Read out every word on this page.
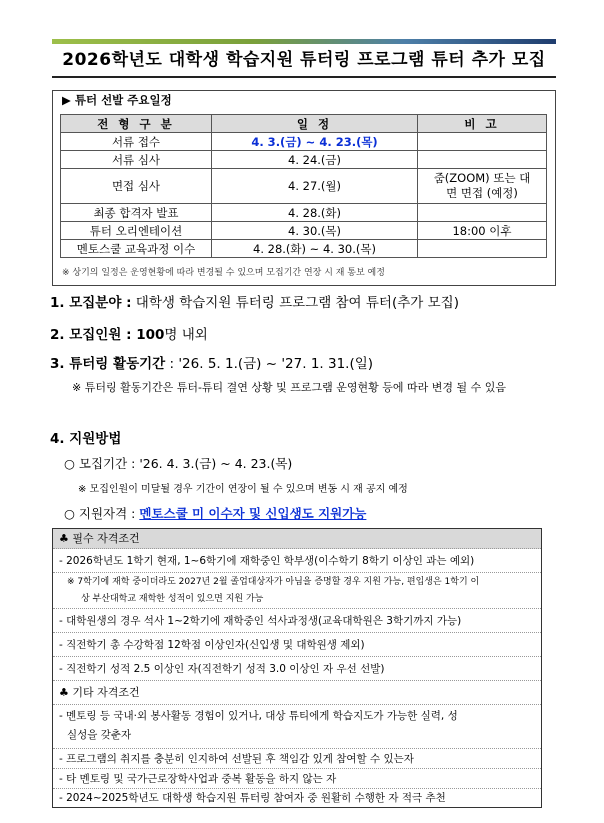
2026학년도 대학생 학습지원 튜터링 프로그램 튜터 추가 모집
▶ 튜터 선발 주요일정
전 형 구 분	일 정	비 고
서류 접수	4. 3.(금) ~ 4. 23.(목)	
서류 심사	4. 24.(금)	
면접 심사	4. 27.(월)	줌(ZOOM) 또는 대면 면접 (예정)
최종 합격자 발표	4. 28.(화)	
튜터 오리엔테이션	4. 30.(목)	18:00 이후
멘토스쿨 교육과정 이수	4. 28.(화) ~ 4. 30.(목)	
※ 상기의 일정은 운영현황에 따라 변경될 수 있으며 모집기간 연장 시 재 통보 예정
1. 모집분야 : 대학생 학습지원 튜터링 프로그램 참여 튜터(추가 모집)
2. 모집인원 : 100명 내외
3. 튜터링 활동기간 : '26. 5. 1.(금) ~ '27. 1. 31.(일)
※ 튜터링 활동기간은 튜터-튜티 결연 상황 및 프로그램 운영현황 등에 따라 변경 될 수 있음
4. 지원방법
○ 모집기간 : '26. 4. 3.(금) ~ 4. 23.(목)
※ 모집인원이 미달될 경우 기간이 연장이 될 수 있으며 변동 시 재 공지 예정
○ 지원자격 : 멘토스쿨 미 이수자 및 신입생도 지원가능
♣ 필수 자격조건
- 2026학년도 1학기 현재, 1~6학기에 재학중인 학부생(이수학기 8학기 이상인 과는 예외)
※ 7학기에 재학 중이더라도 2027년 2월 졸업대상자가 아님을 증명할 경우 지원 가능, 편입생은 1학기 이
상 부산대학교 재학한 성적이 있으면 지원 가능
- 대학원생의 경우 석사 1~2학기에 재학중인 석사과정생(교육대학원은 3학기까지 가능)
- 직전학기 총 수강학점 12학점 이상인자(신입생 및 대학원생 제외)
- 직전학기 성적 2.5 이상인 자(직전학기 성적 3.0 이상인 자 우선 선발)
♣ 기타 자격조건
- 멘토링 등 국내·외 봉사활동 경험이 있거나, 대상 튜티에게 학습지도가 가능한 실력, 성
실성을 갖춘자
- 프로그램의 취지를 충분히 인지하여 선발된 후 책임감 있게 참여할 수 있는자
- 타 멘토링 및 국가근로장학사업과 중복 활동을 하지 않는 자
- 2024~2025학년도 대학생 학습지원 튜터링 참여자 중 원활히 수행한 자 적극 추천
